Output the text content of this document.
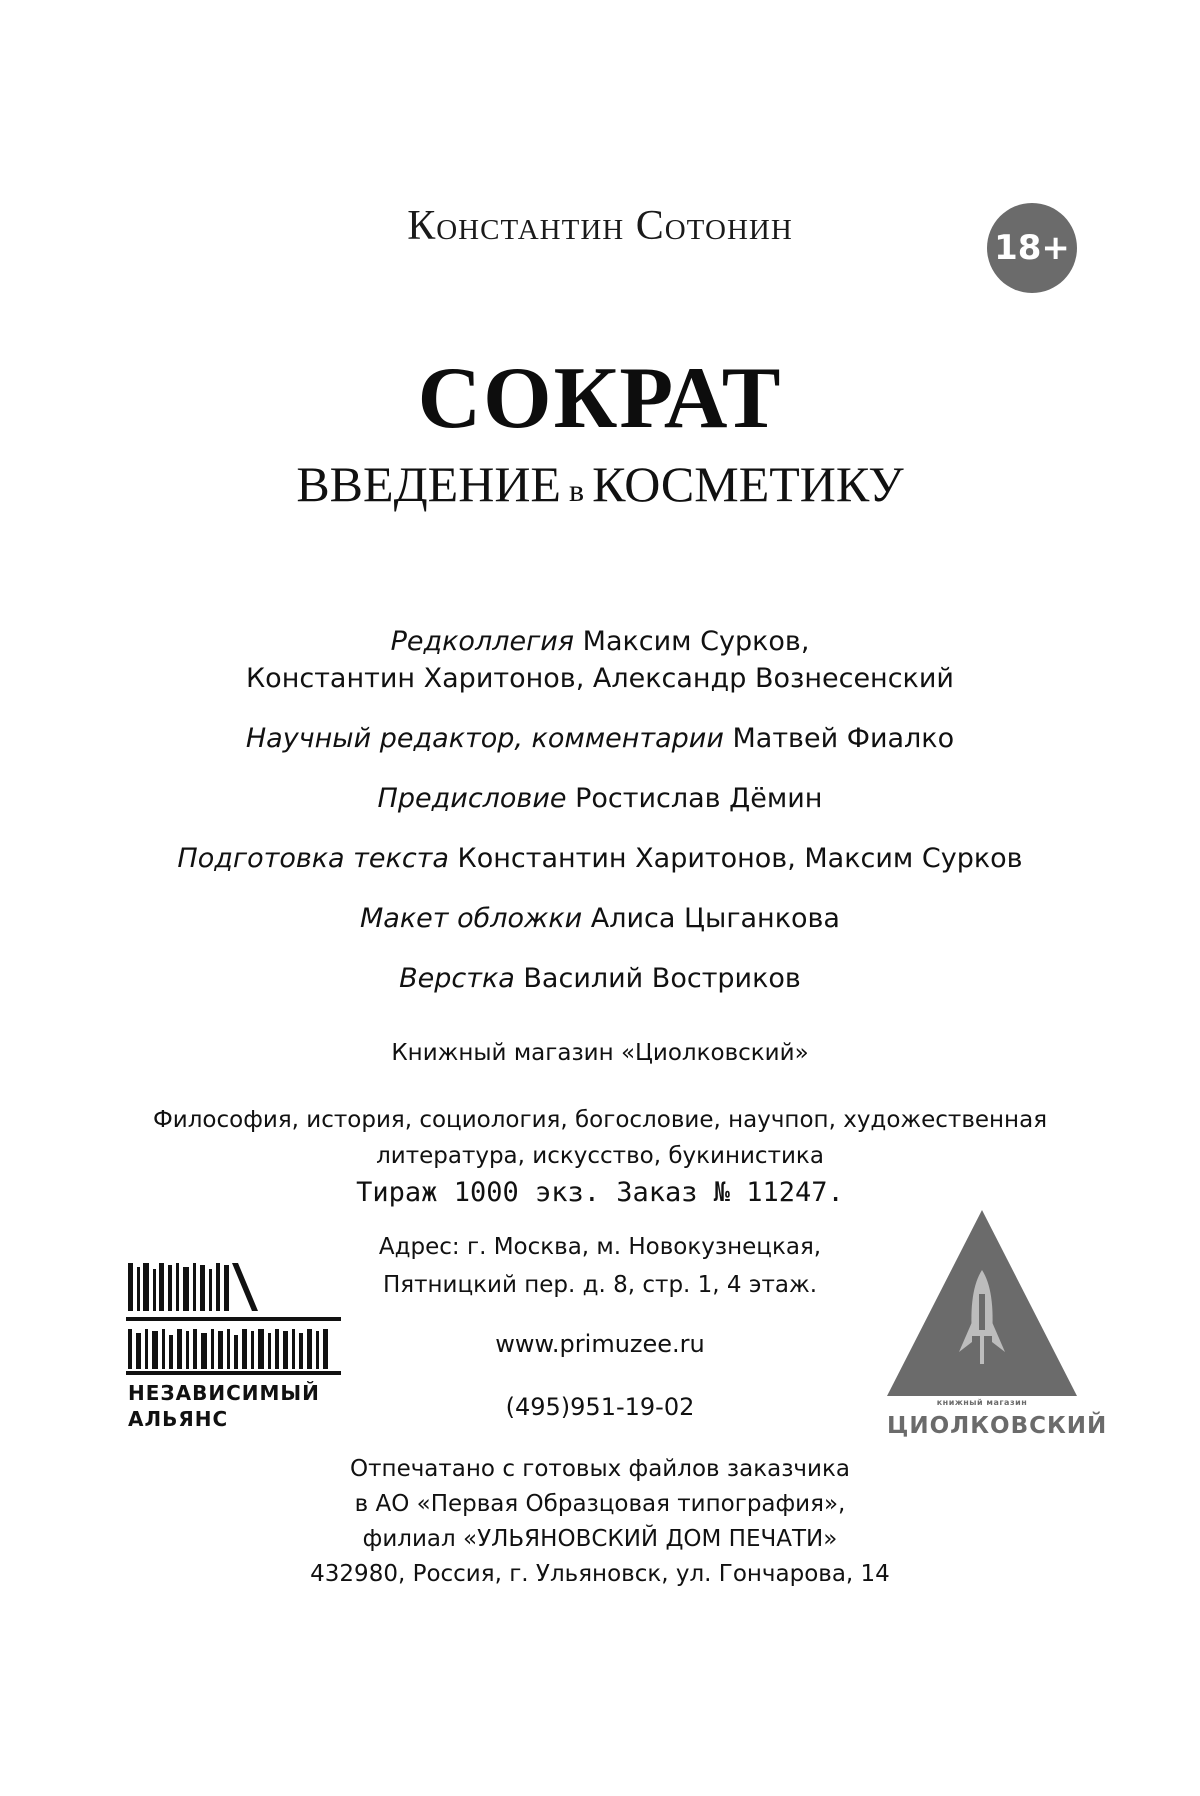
Константин Сотонин	18+
СОКРАТ
ВВЕДЕНИЕ в КОСМЕТИКУ
Редколлегия Максим Сурков,
Константин Харитонов, Александр Вознесенский
Научный редактор, комментарии Матвей Фиалко
Предисловие Ростислав Дёмин
Подготовка текста Константин Харитонов, Максим Сурков
Макет обложки Алиса Цыганкова
Верстка Василий Востриков
Книжный магазин «Циолковский»
Философия, история, социология, богословие, научпоп, художественная
литература, искусство, букинистика
Тираж 1000 экз. Заказ № 11247.
Адрес: г. Москва, м. Новокузнецкая,
Пятницкий пер. д. 8, стр. 1, 4 этаж.
www.primuzee.ru
(495)951-19-02
Отпечатано с готовых файлов заказчика
в АО «Первая Образцовая типография»,
филиал «УЛЬЯНОВСКИЙ ДОМ ПЕЧАТИ»
432980, Россия, г. Ульяновск, ул. Гончарова, 14
НЕЗАВИСИМЫЙ
АЛЬЯНС
книжный магазин
ЦИОЛКОВСКИЙ
